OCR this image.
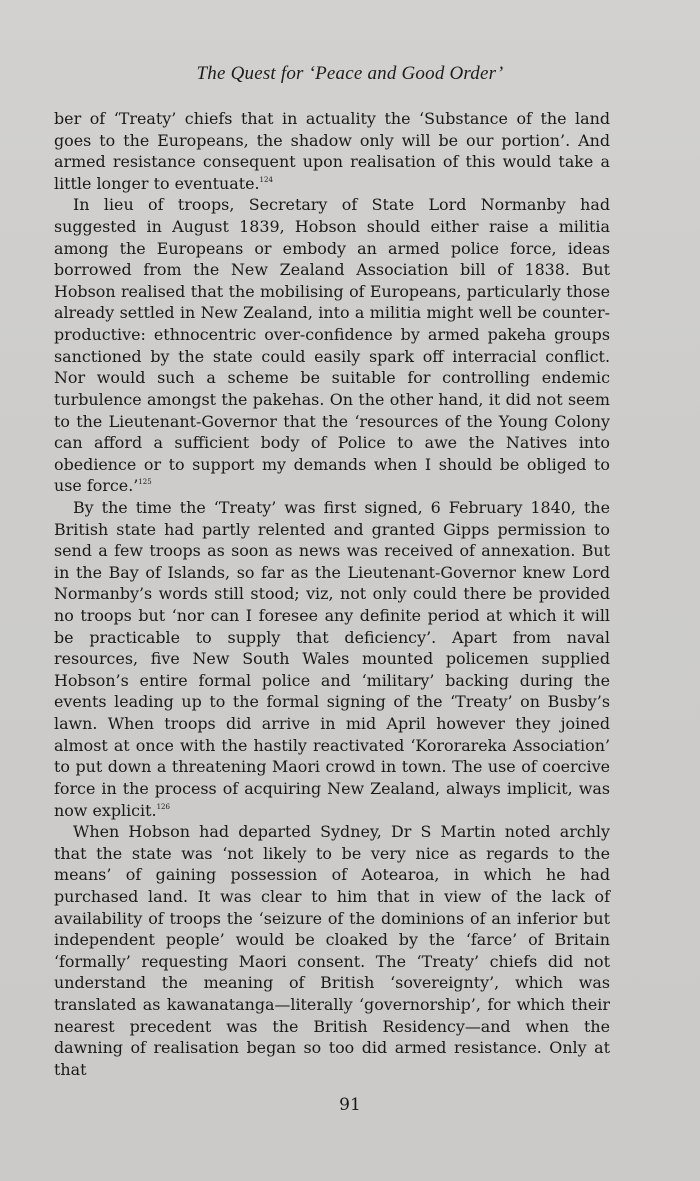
The Quest for ‘Peace and Good Order’

ber of ‘Treaty’ chiefs that in actuality the ‘Substance of the land goes to the Europeans, the shadow only will be our portion’. And armed resistance consequent upon realisation of this would take a little longer to eventuate.$^{124}$

In lieu of troops, Secretary of State Lord Normanby had suggested in August 1839, Hobson should either raise a militia among the Europeans or embody an armed police force, ideas borrowed from the New Zealand Association bill of 1838. But Hobson realised that the mobilising of Europeans, particularly those already settled in New Zealand, into a militia might well be counter-productive: ethnocentric over-confidence by armed pakeha groups sanctioned by the state could easily spark off interracial conflict. Nor would such a scheme be suitable for controlling endemic turbulence amongst the pakehas. On the other hand, it did not seem to the Lieutenant-Governor that the ‘resources of the Young Colony can afford a sufficient body of Police to awe the Natives into obedience or to support my demands when I should be obliged to use force.’$^{125}$

By the time the ‘Treaty’ was first signed, 6 February 1840, the British state had partly relented and granted Gipps permission to send a few troops as soon as news was received of annexation. But in the Bay of Islands, so far as the Lieutenant-Governor knew Lord Normanby’s words still stood; viz, not only could there be provided no troops but ‘nor can I foresee any definite period at which it will be practicable to supply that deficiency’. Apart from naval resources, five New South Wales mounted policemen supplied Hobson’s entire formal police and ‘military’ backing during the events leading up to the formal signing of the ‘Treaty’ on Busby’s lawn. When troops did arrive in mid April however they joined almost at once with the hastily reactivated ‘Kororareka Association’ to put down a threatening Maori crowd in town. The use of coercive force in the process of acquiring New Zealand, always implicit, was now explicit.$^{126}$

When Hobson had departed Sydney, Dr S Martin noted archly that the state was ‘not likely to be very nice as regards to the means’ of gaining possession of Aotearoa, in which he had purchased land. It was clear to him that in view of the lack of availability of troops the ‘seizure of the dominions of an inferior but independent people’ would be cloaked by the ‘farce’ of Britain ‘formally’ requesting Maori consent. The ‘Treaty’ chiefs did not understand the meaning of British ‘sovereignty’, which was translated as kawanatanga—literally ‘governorship’, for which their nearest precedent was the British Residency—and when the dawning of realisation began so too did armed resistance. Only at that

91
